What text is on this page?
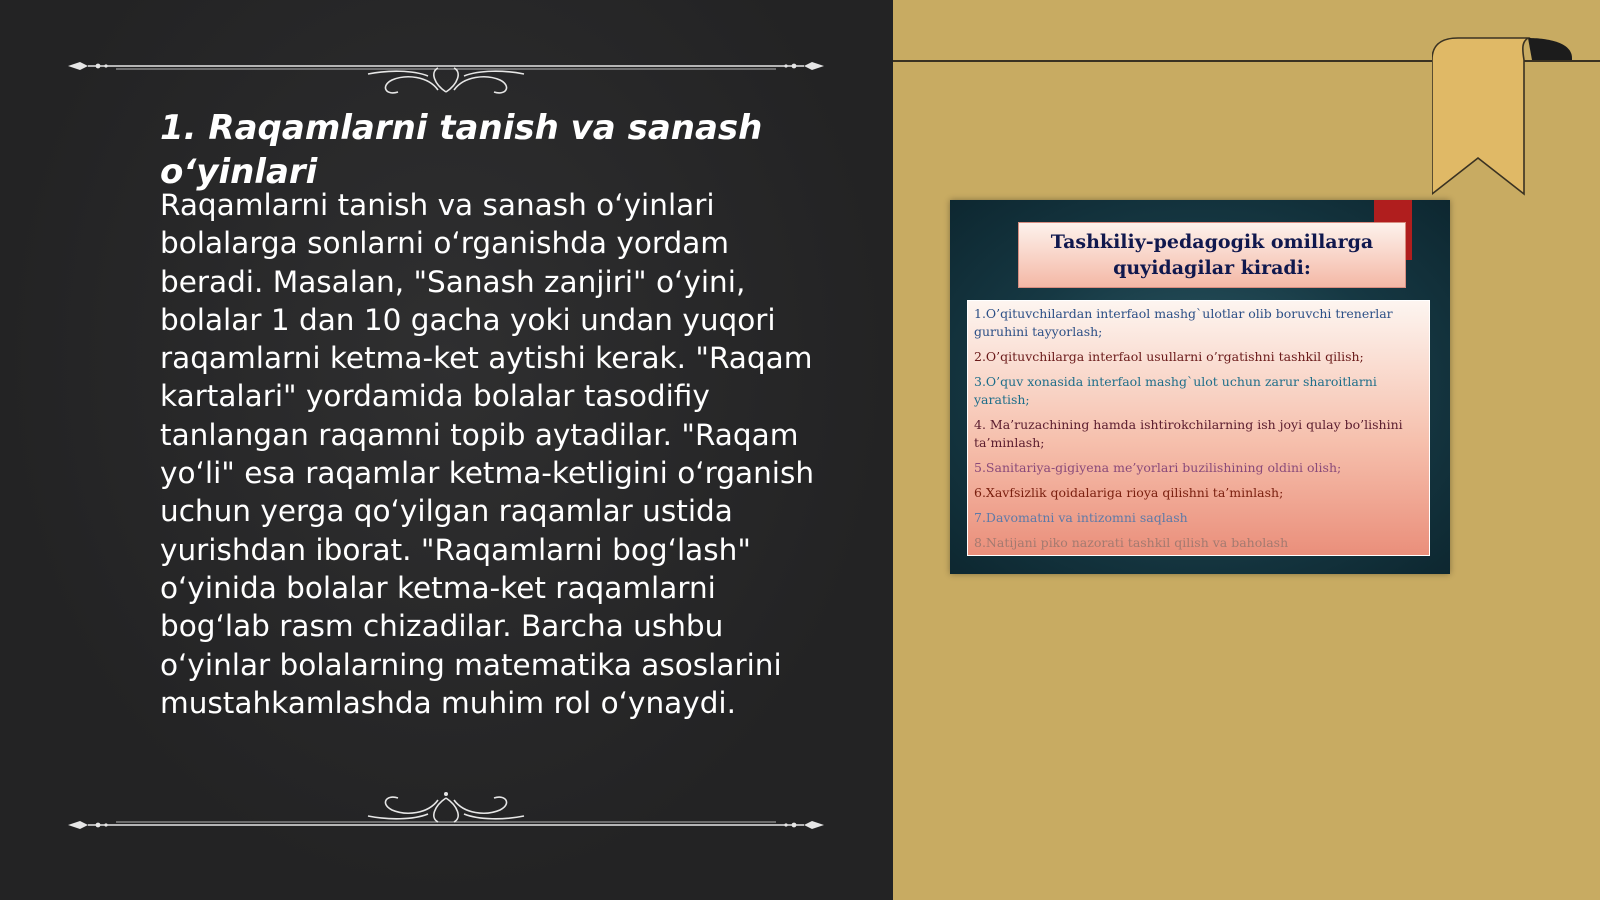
1. Raqamlarni tanish va sanash o‘yinlari

Raqamlarni tanish va sanash o‘yinlari bolalarga sonlarni o‘rganishda yordam beradi. Masalan, "Sanash zanjiri" o‘yini, bolalar 1 dan 10 gacha yoki undan yuqori raqamlarni ketma-ket aytishi kerak. "Raqam kartalari" yordamida bolalar tasodifiy tanlangan raqamni topib aytadilar. "Raqam yo‘li" esa raqamlar ketma-ketligini o‘rganish uchun yerga qo‘yilgan raqamlar ustida yurishdan iborat. "Raqamlarni bog‘lash" o‘yinida bolalar ketma-ket raqamlarni bog‘lab rasm chizadilar. Barcha ushbu o‘yinlar bolalarning matematika asoslarini mustahkamlashda muhim rol o‘ynaydi.

Tashkiliy-pedagogik omillarga
quyidagilar kiradi:
1.O’qituvchilardan interfaol mashg`ulotlar olib boruvchi trenerlar guruhini tayyorlash;
2.O’qituvchilarga interfaol usullarni o’rgatishni tashkil qilish;
3.O’quv xonasida interfaol mashg`ulot uchun zarur sharoitlarni yaratish;
4. Ma’ruzachining hamda ishtirokchilarning ish joyi qulay bo’lishini ta’minlash;
5.Sanitariya-gigiyena me’yorlari buzilishining oldini olish;
6.Xavfsizlik qoidalariga rioya qilishni ta’minlash;
7.Davomatni va intizomni saqlash
8.Natijani piko nazorati tashkil qilish va baholash
